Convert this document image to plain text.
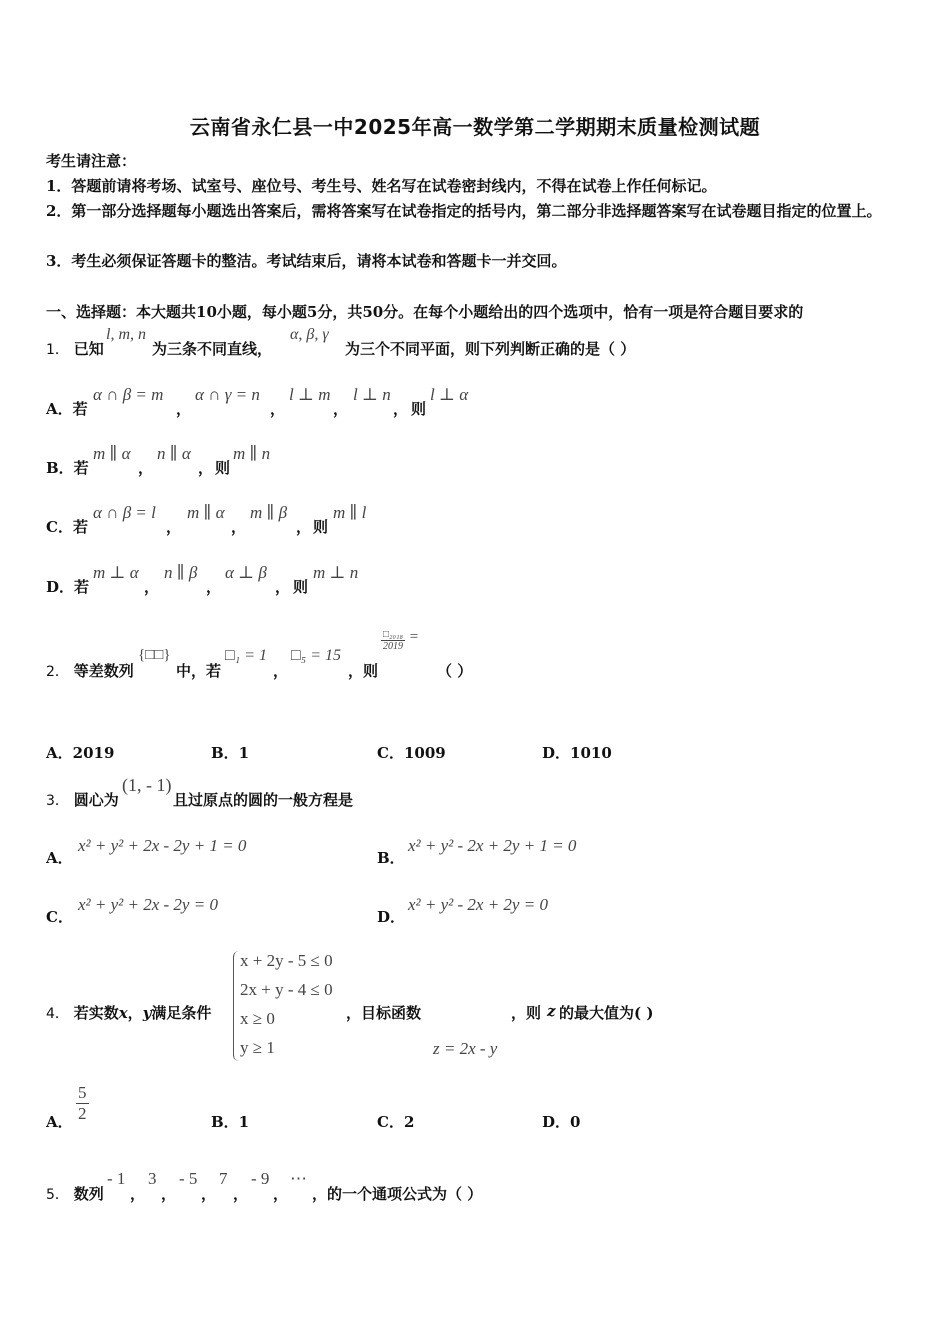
云南省永仁县一中2025年高一数学第二学期期末质量检测试题
考生请注意：
1．答题前请将考场、试室号、座位号、考生号、姓名写在试卷密封线内，不得在试卷上作任何标记。
2．第一部分选择题每小题选出答案后，需将答案写在试卷指定的括号内，第二部分非选择题答案写在试卷题目指定的位置上。
3．考生必须保证答题卡的整洁。考试结束后，请将本试卷和答题卡一并交回。
一、选择题：本大题共10小题，每小题5分，共50分。在每个小题给出的四个选项中，恰有一项是符合题目要求的
1． 已知
l, m, n
为三条不同直线，
α, β, γ
为三个不同平面，则下列判断正确的是（ ）
A．若
α ∩ β = m
，
α ∩ γ = n
，
l ⊥ m
，
l ⊥ n
， 则
l ⊥ α
B．若
m ∥ α
，
n ∥ α
， 则
m ∥ n
C．若
α ∩ β = l
，
m ∥ α
，
m ∥ β
， 则
m ∥ l
D．若
m ⊥ α
，
n ∥ β
，
α ⊥ β
， 则
m ⊥ n
2． 等差数列
{□□}
中，若
□₁ = 1
，
□₅ = 15
，则
$\frac{\text{□₂₀₁₈}}{2019}$ =
（ ）
A．2019	B．1	C．1009	D．1010
3． 圆心为
(1, - 1)
且过原点的圆的一般方程是
A．
x² + y² + 2x - 2y + 1 = 0
B．
x² + y² - 2x + 2y + 1 = 0
C．
x² + y² + 2x - 2y = 0
D．
x² + y² - 2x + 2y = 0
4． 若实数x，y满足条件
x + 2y - 5 ≤ 0
2x + y - 4 ≤ 0
x ≥ 0
y ≥ 1
，目标函数
z = 2x - y
，则 z 的最大值为( )
A． $\frac{5}{2}$	B．1	C．2	D．0
5． 数列
- 1
，
3
，
- 5
，
7
，
- 9
，
⋯
，的一个通项公式为（ ）
